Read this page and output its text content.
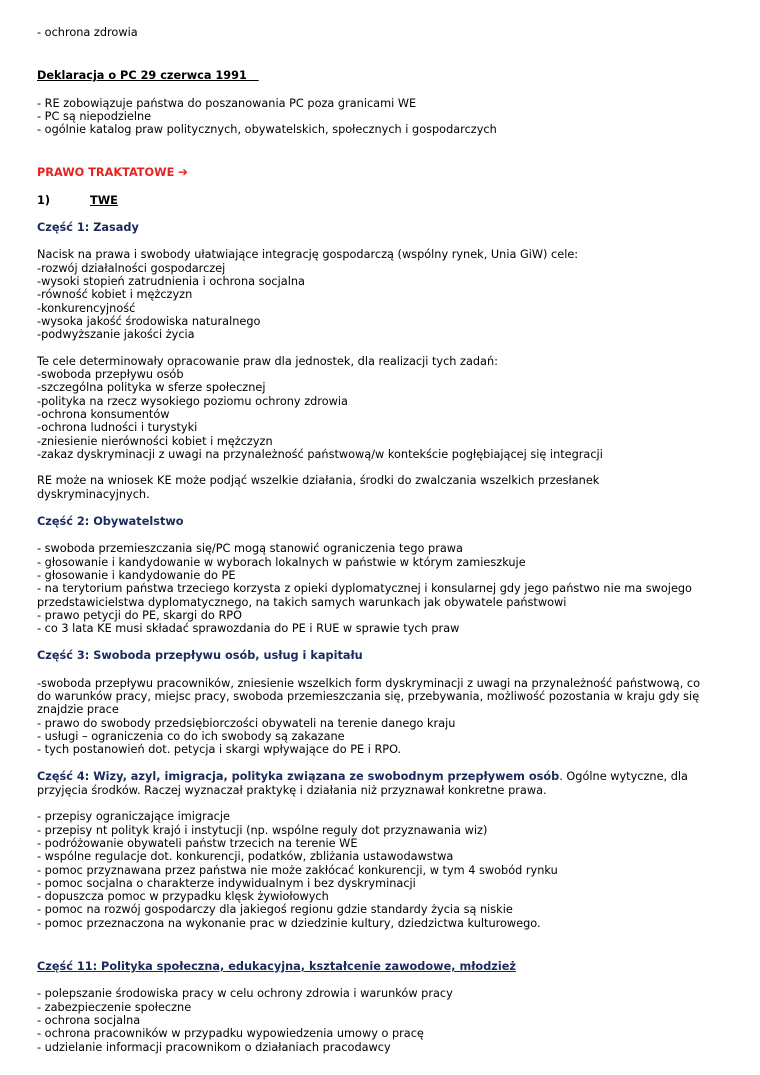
- ochrona zdrowia
Deklaracja o PC 29 czerwca 1991
- RE zobowiązuje państwa do poszanowania PC poza granicami WE
- PC są niepodzielne
- ogólnie katalog praw politycznych, obywatelskich, społecznych i gospodarczych
PRAWO TRAKTATOWE ➔
1)	TWE
Część 1: Zasady
Nacisk na prawa i swobody ułatwiające integrację gospodarczą (wspólny rynek, Unia GiW) cele:
-rozwój działalności gospodarczej
-wysoki stopień zatrudnienia i ochrona socjalna
-równość kobiet i mężczyzn
-konkurencyjność
-wysoka jakość środowiska naturalnego
-podwyższanie jakości życia
Te cele determinowały opracowanie praw dla jednostek, dla realizacji tych zadań:
-swoboda przepływu osób
-szczególna polityka w sferze społecznej
-polityka na rzecz wysokiego poziomu ochrony zdrowia
-ochrona konsumentów
-ochrona ludności i turystyki
-zniesienie nierówności kobiet i mężczyzn
-zakaz dyskryminacji z uwagi na przynależność państwową/w kontekście pogłębiającej się integracji
RE może na wniosek KE może podjąć wszelkie działania, środki do zwalczania wszelkich przesłanek
dyskryminacyjnych.
Część 2: Obywatelstwo
- swoboda przemieszczania się/PC mogą stanowić ograniczenia tego prawa
- głosowanie i kandydowanie w wyborach lokalnych w państwie w którym zamieszkuje
- głosowanie i kandydowanie do PE
- na terytorium państwa trzeciego korzysta z opieki dyplomatycznej i konsularnej gdy jego państwo nie ma swojego
przedstawicielstwa dyplomatycznego, na takich samych warunkach jak obywatele państwowi
- prawo petycji do PE, skargi do RPO
- co 3 lata KE musi składać sprawozdania do PE i RUE w sprawie tych praw
Część 3: Swoboda przepływu osób, usług i kapitału
-swoboda przepływu pracowników, zniesienie wszelkich form dyskryminacji z uwagi na przynależność państwową, co
do warunków pracy, miejsc pracy, swoboda przemieszczania się, przebywania, możliwość pozostania w kraju gdy się
znajdzie prace
- prawo do swobody przedsiębiorczości obywateli na terenie danego kraju
- usługi – ograniczenia co do ich swobody są zakazane
- tych postanowień dot. petycja i skargi wpływające do PE i RPO.
Część 4: Wizy, azyl, imigracja, polityka związana ze swobodnym przepływem osób. Ogólne wytyczne, dla
przyjęcia środków. Raczej wyznaczał praktykę i działania niż przyznawał konkretne prawa.
- przepisy ograniczające imigracje
- przepisy nt polityk krajó i instytucji (np. wspólne reguly dot przyznawania wiz)
- podróżowanie obywateli państw trzecich na terenie WE
- wspólne regulacje dot. konkurencji, podatków, zbliżania ustawodawstwa
- pomoc przyznawana przez państwa nie może zakłócać konkurencji, w tym 4 swobód rynku
- pomoc socjalna o charakterze indywidualnym i bez dyskryminacji
- dopuszcza pomoc w przypadku klęsk żywiołowych
- pomoc na rozwój gospodarczy dla jakiegoś regionu gdzie standardy życia są niskie
- pomoc przeznaczona na wykonanie prac w dziedzinie kultury, dziedzictwa kulturowego.
Część 11: Polityka społeczna, edukacyjna, kształcenie zawodowe, młodzież
- polepszanie środowiska pracy w celu ochrony zdrowia i warunków pracy
- zabezpieczenie społeczne
- ochrona socjalna
- ochrona pracowników w przypadku wypowiedzenia umowy o pracę
- udzielanie informacji pracownikom o działaniach pracodawcy
